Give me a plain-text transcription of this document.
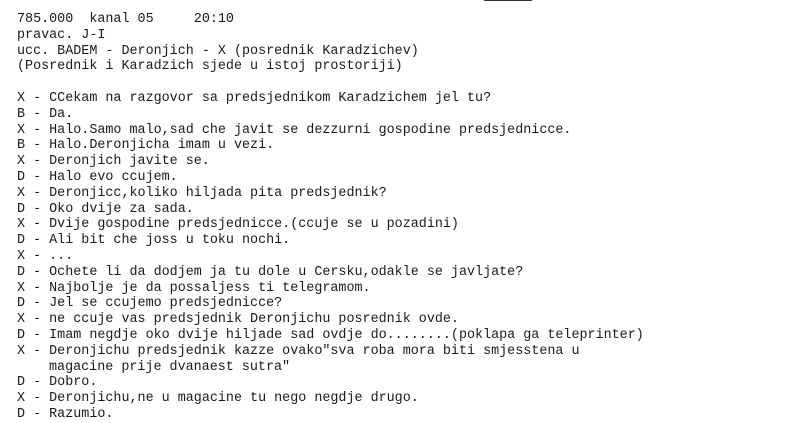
785.000  kanal 05     20:10
pravac. J-I
ucc. BADEM - Deronjich - X (posrednik Karadzichev)
(Posrednik i Karadzich sjede u istoj prostoriji)
X - CCekam na razgovor sa predsjednikom Karadzichem jel tu?
B - Da.
X - Halo.Samo malo,sad che javit se dezzurni gospodine predsjednicce.
B - Halo.Deronjicha imam u vezi.
X - Deronjich javite se.
D - Halo evo ccujem.
X - Deronjicc,koliko hiljada pita predsjednik?
D - Oko dvije za sada.
X - Dvije gospodine predsjednicce.(ccuje se u pozadini)
D - Ali bit che joss u toku nochi.
X - ...
D - Ochete li da dodjem ja tu dole u Cersku,odakle se javljate?
X - Najbolje je da possaljess ti telegramom.
D - Jel se ccujemo predsjednicce?
X - ne ccuje vas predsjednik Deronjichu posrednik ovde.
D - Imam negdje oko dvije hiljade sad ovdje do........(poklapa ga teleprinter)
X - Deronjichu predsjednik kazze ovako"sva roba mora biti smjesstena u
magacine prije dvanaest sutra"
D - Dobro.
X - Deronjichu,ne u magacine tu nego negdje drugo.
D - Razumio.
